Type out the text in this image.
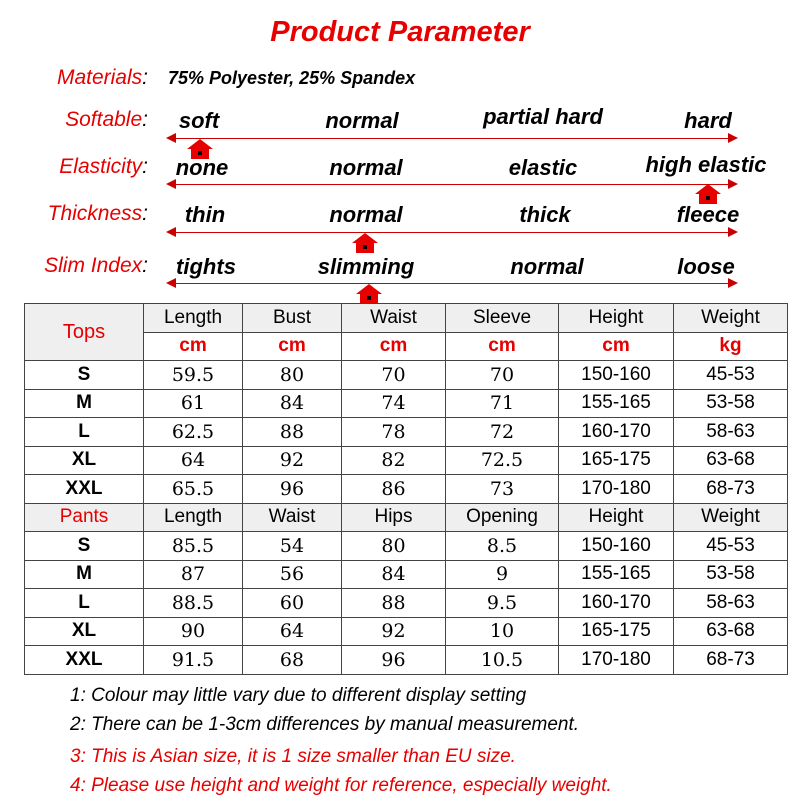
Product Parameter
Materials: 75% Polyester, 25% Spandex
Softable: soft	normal	partial hard	hard
Elasticity: none	normal	elastic	high elastic
Thickness: thin	normal	thick	fleece
Slim Index: tights	slimming	normal	loose
Tops	Length	Bust	Waist	Sleeve	Height	Weight
	cm	cm	cm	cm	cm	kg
S	59.5	80	70	70	150-160	45-53
M	61	84	74	71	155-165	53-58
L	62.5	88	78	72	160-170	58-63
XL	64	92	82	72.5	165-175	63-68
XXL	65.5	96	86	73	170-180	68-73
Pants	Length	Waist	Hips	Opening	Height	Weight
S	85.5	54	80	8.5	150-160	45-53
M	87	56	84	9	155-165	53-58
L	88.5	60	88	9.5	160-170	58-63
XL	90	64	92	10	165-175	63-68
XXL	91.5	68	96	10.5	170-180	68-73
1: Colour may little vary due to different display setting
2: There can be 1-3cm differences by manual measurement.
3: This is Asian size, it is 1 size smaller than EU size.
4: Please use height and weight for reference, especially weight.
